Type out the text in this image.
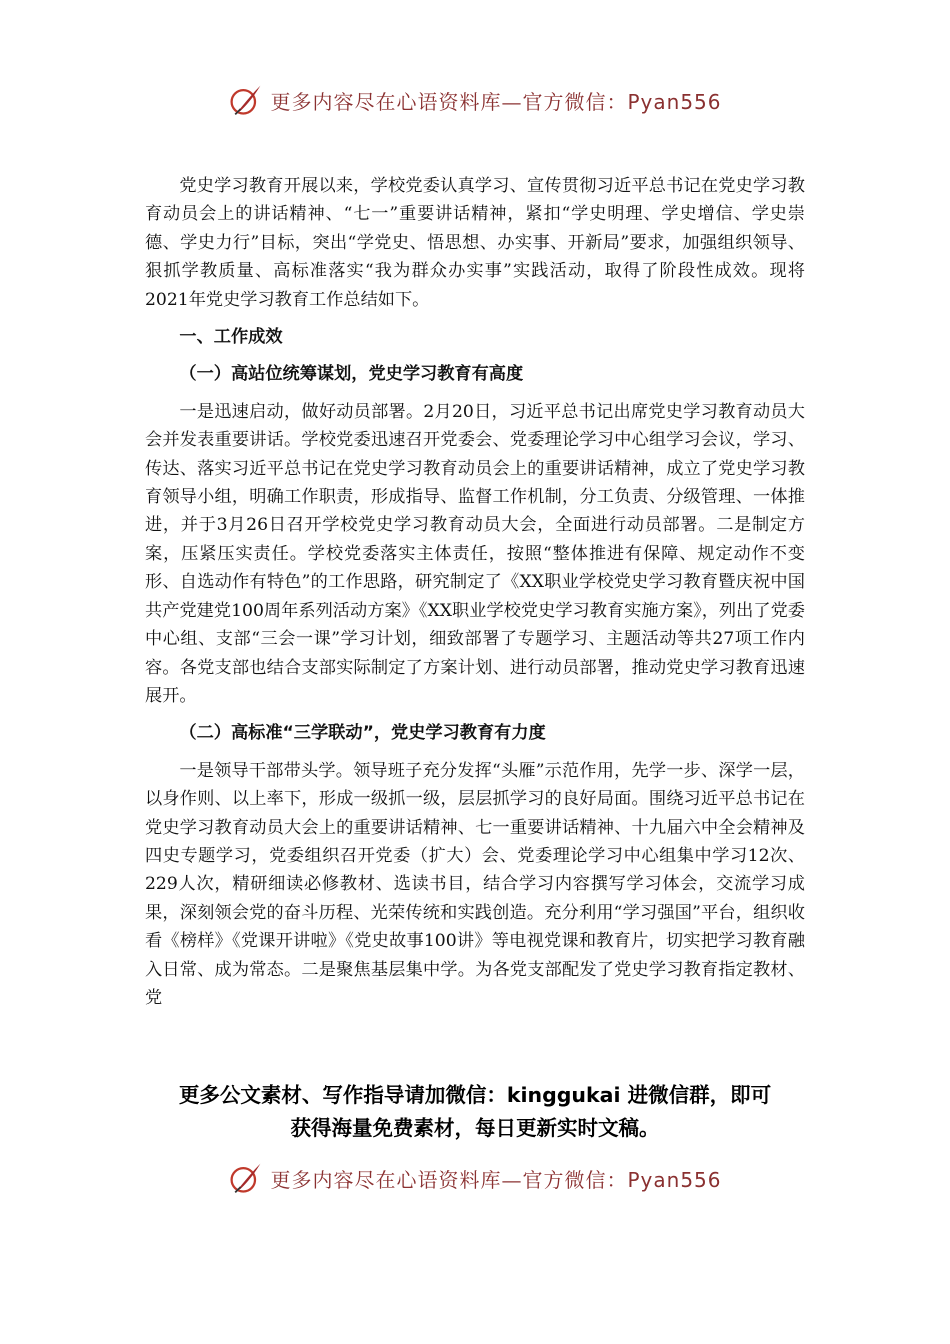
更多内容尽在心语资料库—官方微信：Pyan556

党史学习教育开展以来，学校党委认真学习、宣传贯彻习近平总书记在党史学习教育动员会上的讲话精神、“七一”重要讲话精神，紧扣“学史明理、学史增信、学史崇德、学史力行”目标，突出“学党史、悟思想、办实事、开新局”要求，加强组织领导、狠抓学教质量、高标准落实“我为群众办实事”实践活动，取得了阶段性成效。现将2021年党史学习教育工作总结如下。

一、工作成效
（一）高站位统筹谋划，党史学习教育有高度

一是迅速启动，做好动员部署。2月20日，习近平总书记出席党史学习教育动员大会并发表重要讲话。学校党委迅速召开党委会、党委理论学习中心组学习会议，学习、传达、落实习近平总书记在党史学习教育动员会上的重要讲话精神，成立了党史学习教育领导小组，明确工作职责，形成指导、监督工作机制，分工负责、分级管理、一体推进，并于3月26日召开学校党史学习教育动员大会，全面进行动员部署。二是制定方案，压紧压实责任。学校党委落实主体责任，按照“整体推进有保障、规定动作不变形、自选动作有特色”的工作思路，研究制定了《XX职业学校党史学习教育暨庆祝中国共产党建党100周年系列活动方案》《XX职业学校党史学习教育实施方案》，列出了党委中心组、支部“三会一课”学习计划，细致部署了专题学习、主题活动等共27项工作内容。各党支部也结合支部实际制定了方案计划、进行动员部署，推动党史学习教育迅速展开。

（二）高标准“三学联动”，党史学习教育有力度

一是领导干部带头学。领导班子充分发挥“头雁”示范作用，先学一步、深学一层，以身作则、以上率下，形成一级抓一级，层层抓学习的良好局面。围绕习近平总书记在党史学习教育动员大会上的重要讲话精神、七一重要讲话精神、十九届六中全会精神及四史专题学习，党委组织召开党委（扩大）会、党委理论学习中心组集中学习12次、229人次，精研细读必修教材、选读书目，结合学习内容撰写学习体会，交流学习成果，深刻领会党的奋斗历程、光荣传统和实践创造。充分利用“学习强国”平台，组织收看《榜样》《党课开讲啦》《党史故事100讲》等电视党课和教育片，切实把学习教育融入日常、成为常态。二是聚焦基层集中学。为各党支部配发了党史学习教育指定教材、党

更多公文素材、写作指导请加微信：kinggukai 进微信群，即可
获得海量免费素材，每日更新实时文稿。
更多内容尽在心语资料库—官方微信：Pyan556
